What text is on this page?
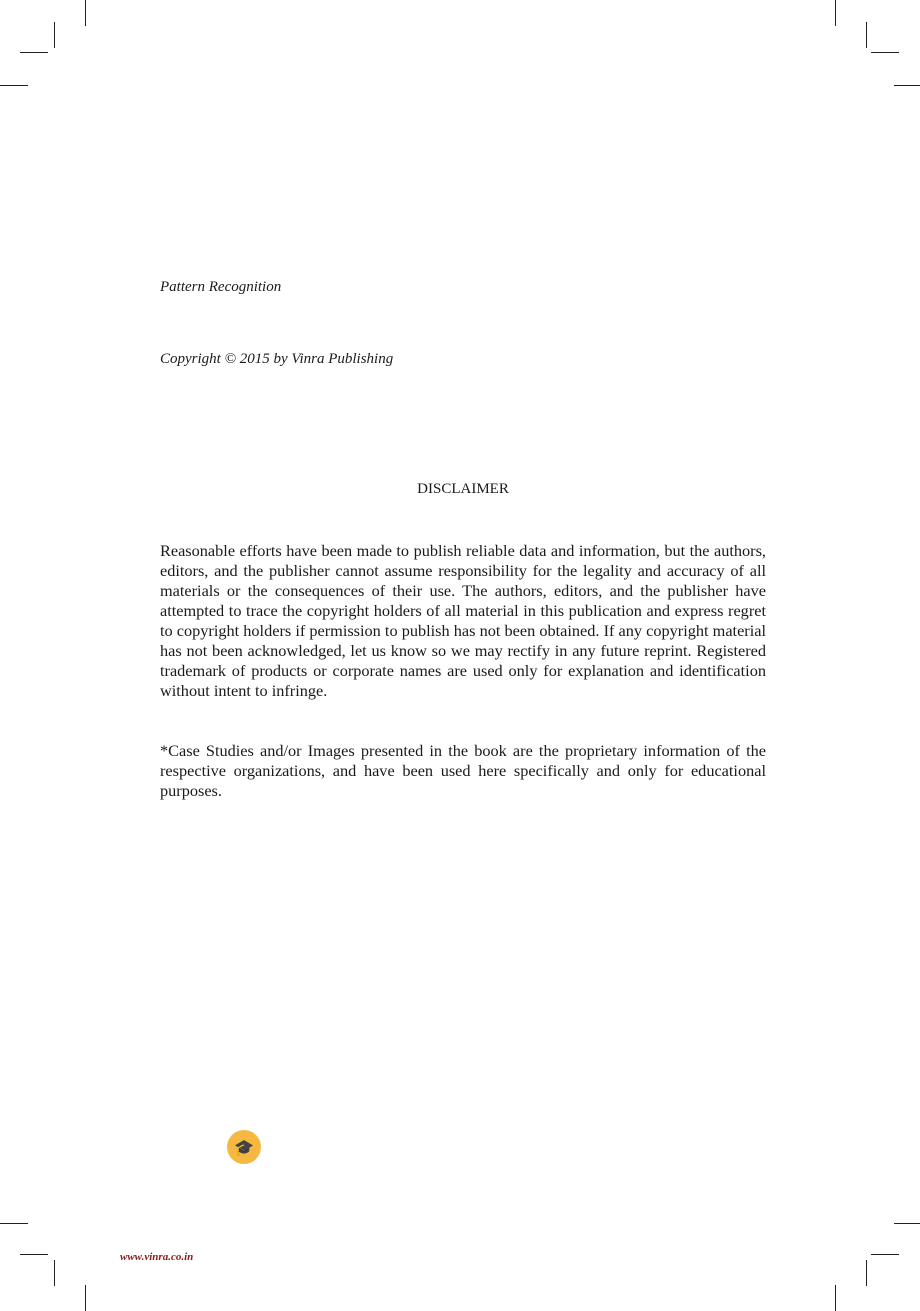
Pattern Recognition
Copyright © 2015 by Vinra Publishing
DISCLAIMER
Reasonable efforts have been made to publish reliable data and information, but the authors, editors, and the publisher cannot assume responsibility for the legality and accuracy of all materials or the consequences of their use. The authors, editors, and the publisher have attempted to trace the copyright holders of all material in this publication and express regret to copyright holders if permission to publish has not been obtained. If any copyright material has not been acknowledged, let us know so we may rectify in any future reprint. Registered trademark of products or corporate names are used only for explanation and identification without intent to infringe.
*Case Studies and/or Images presented in the book are the proprietary information of the respective organizations, and have been used here specifically and only for educational purposes.
🎓
www.vinra.co.in
